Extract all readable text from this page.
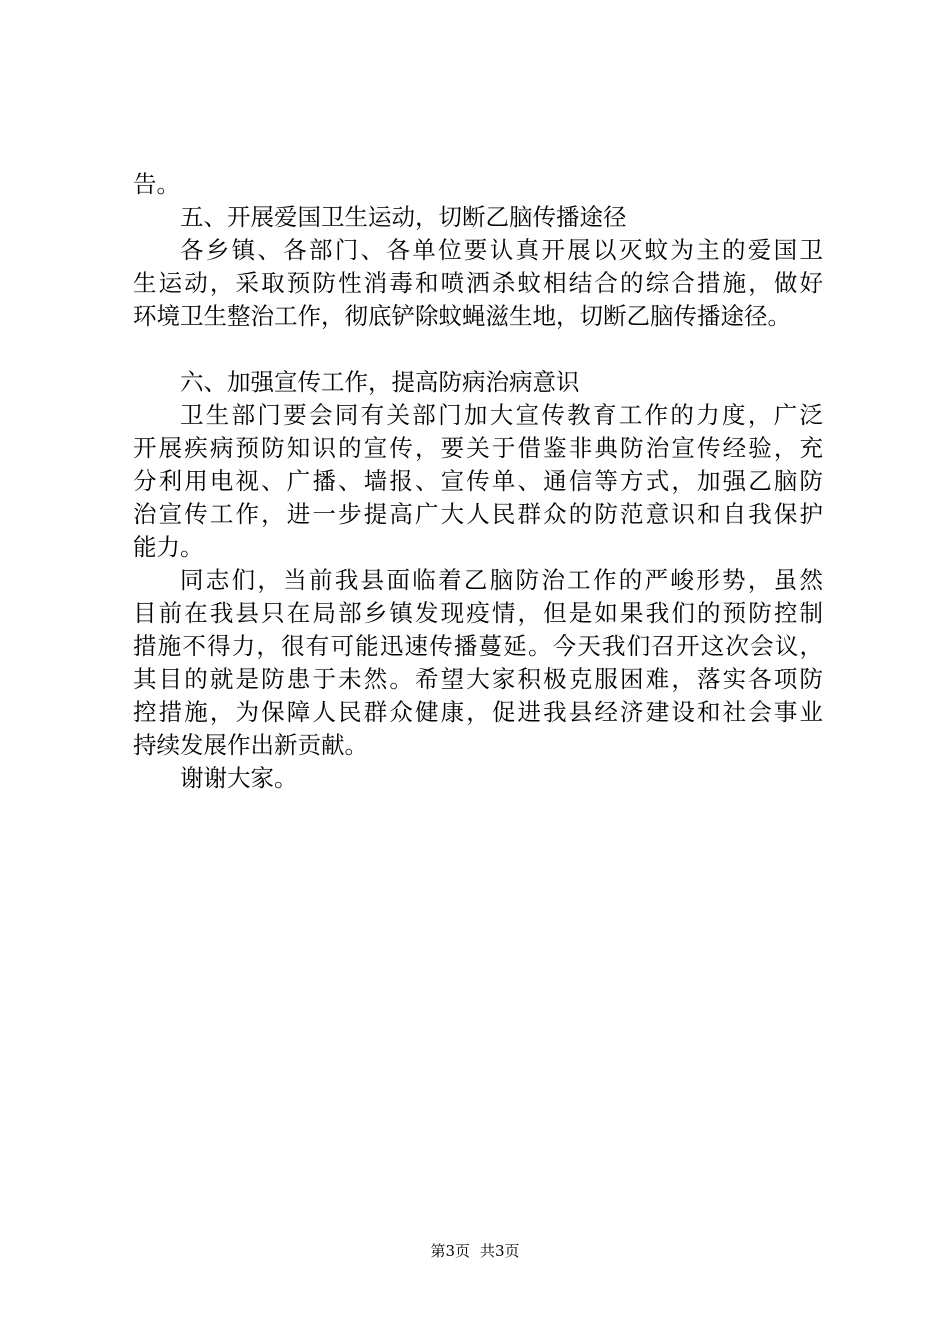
告。
五、开展爱国卫生运动，切断乙脑传播途径
各乡镇、各部门、各单位要认真开展以灭蚊为主的爱国卫
生运动，采取预防性消毒和喷洒杀蚊相结合的综合措施，做好
环境卫生整治工作，彻底铲除蚊蝇滋生地，切断乙脑传播途径。
六、加强宣传工作，提高防病治病意识
卫生部门要会同有关部门加大宣传教育工作的力度，广泛
开展疾病预防知识的宣传，要关于借鉴非典防治宣传经验，充
分利用电视、广播、墙报、宣传单、通信等方式，加强乙脑防
治宣传工作，进一步提高广大人民群众的防范意识和自我保护
能力。
同志们，当前我县面临着乙脑防治工作的严峻形势，虽然
目前在我县只在局部乡镇发现疫情，但是如果我们的预防控制
措施不得力，很有可能迅速传播蔓延。今天我们召开这次会议，
其目的就是防患于未然。希望大家积极克服困难，落实各项防
控措施，为保障人民群众健康，促进我县经济建设和社会事业
持续发展作出新贡献。
谢谢大家。
第3页 共3页
